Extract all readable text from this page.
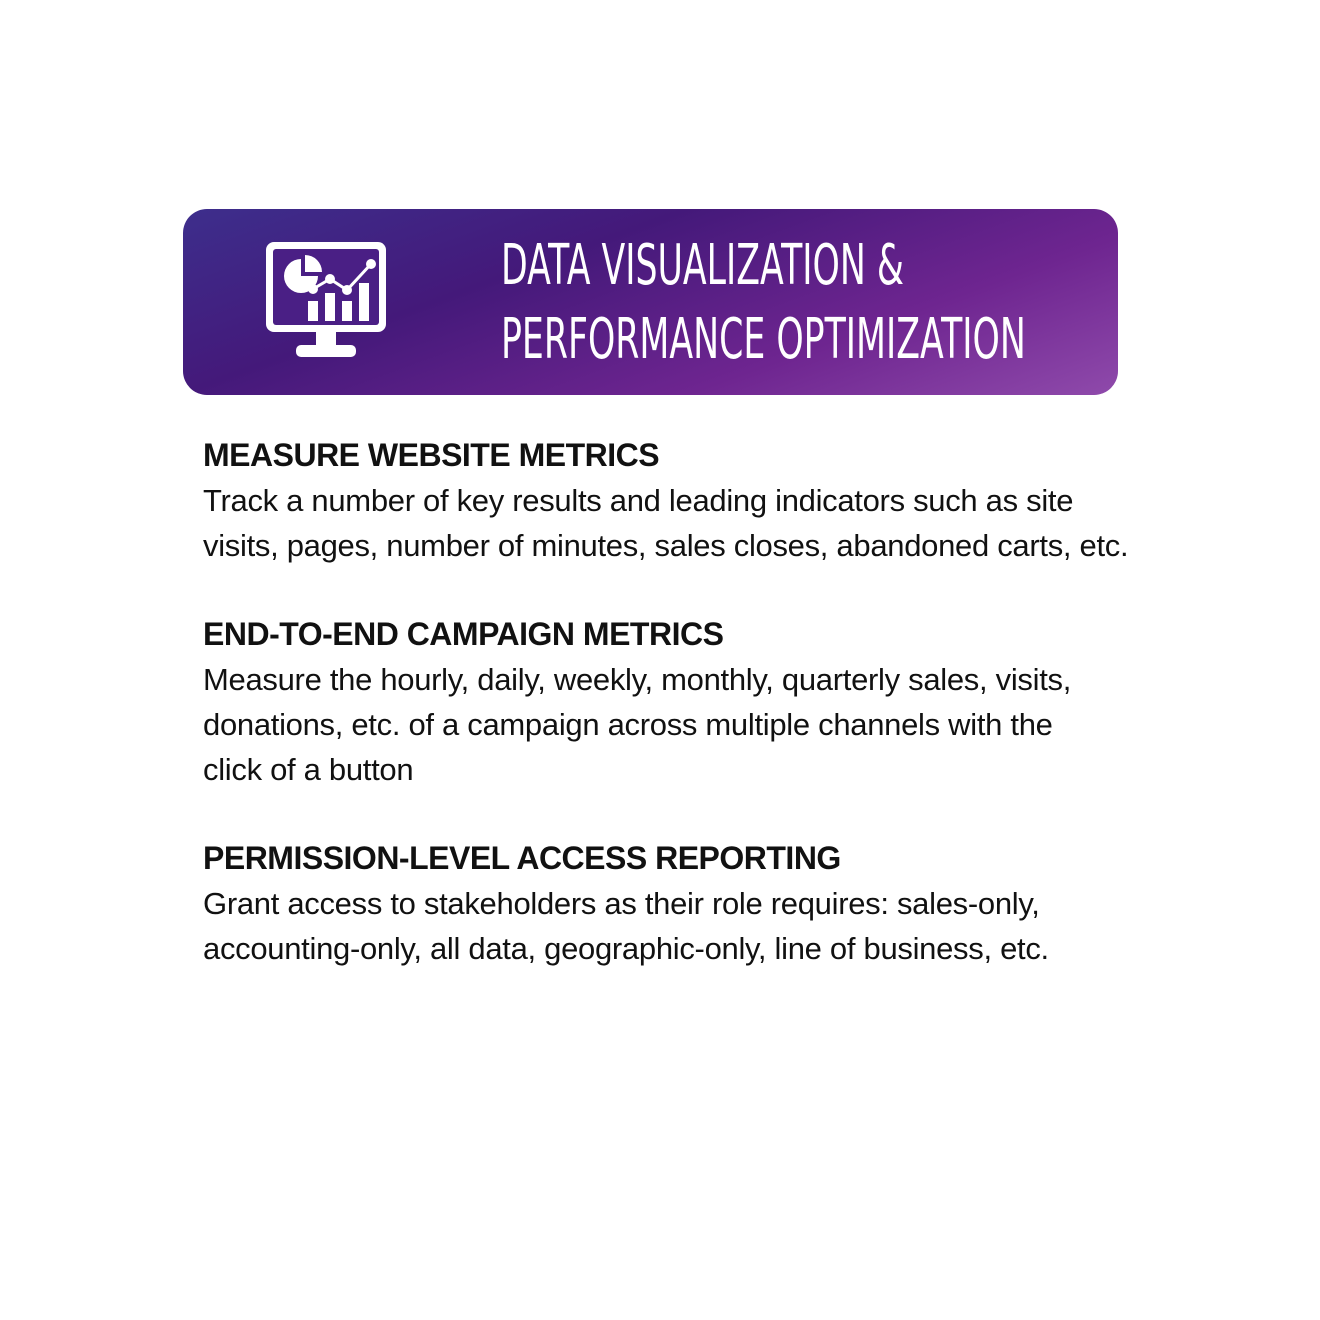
DATA VISUALIZATION &
PERFORMANCE OPTIMIZATION
MEASURE WEBSITE METRICS

Track a number of key results and leading indicators such as site
visits, pages, number of minutes, sales closes, abandoned carts, etc.

END-TO-END CAMPAIGN METRICS

Measure the hourly, daily, weekly, monthly, quarterly sales, visits,
donations, etc. of a campaign across multiple channels with the
click of a button

PERMISSION-LEVEL ACCESS REPORTING

Grant access to stakeholders as their role requires: sales-only,
accounting-only, all data, geographic-only, line of business, etc.
